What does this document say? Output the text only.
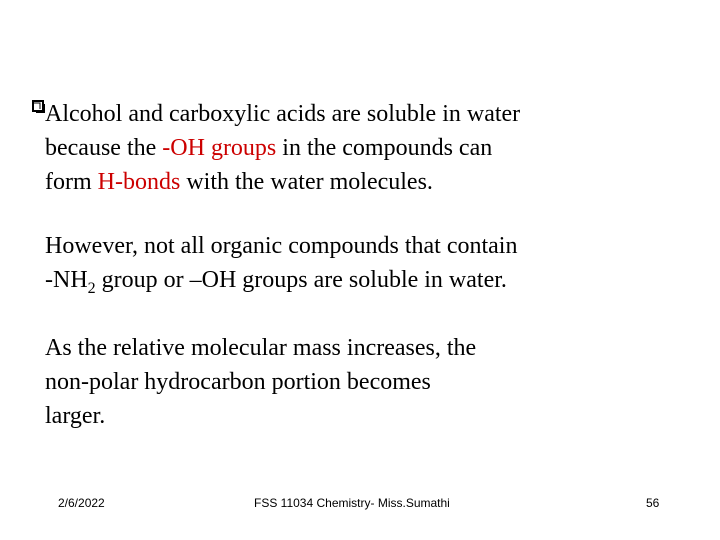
Alcohol and carboxylic acids are soluble in water
because the -OH groups in the compounds can
form H-bonds with the water molecules.
However, not all organic compounds that contain
$-NH_2$ group or –OH groups are soluble in water.
As the relative molecular mass increases, the
non-polar hydrocarbon portion becomes
larger.
2/6/2022	FSS 11034 Chemistry- Miss.Sumathi	56
